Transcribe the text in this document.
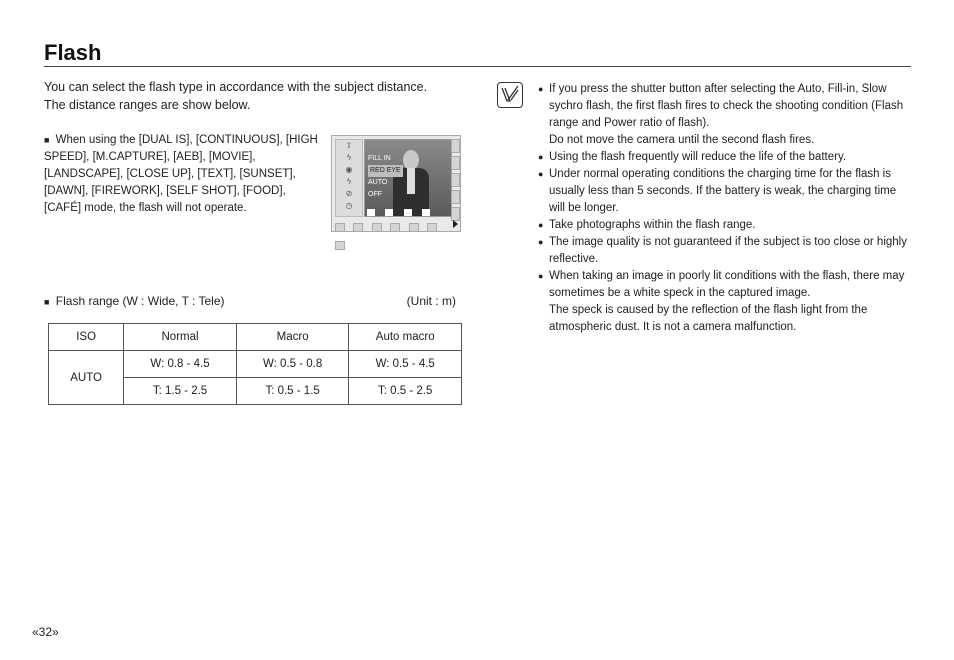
Flash

You can select the flash type in accordance with the subject distance.

The distance ranges are show below.

■ When using the [DUAL IS], [CONTINUOUS], [HIGH SPEED], [M.CAPTURE], [AEB], [MOVIE], [LANDSCAPE], [CLOSE UP], [TEXT], [SUNSET], [DAWN], [FIREWORK], [SELF SHOT], [FOOD], [CAFÉ] mode, the flash will not operate.
⇧
ϟ
◉
ϟ
⊘
◷
FILL IN
RED EYE
AUTO
OFF

■ Flash range (W : Wide, T : Tele)	(Unit : m)
ISO	Normal	Macro	Auto macro
AUTO	W: 0.8 - 4.5	W: 0.5 - 0.8	W: 0.5 - 4.5
	T: 1.5 - 2.5	T: 0.5 - 1.5	T: 0.5 - 2.5
● If you press the shutter button after selecting the Auto, Fill-in, Slow sychro flash, the first flash fires to check the shooting condition (Flash range and Power ratio of flash).

Do not move the camera until the second flash fires.

● Using the flash frequently will reduce the life of the battery.

● Under normal operating conditions the charging time for the flash is usually less than 5 seconds. If the battery is weak, the charging time will be longer.

● Take photographs within the flash range.

● The image quality is not guaranteed if the subject is too close or highly reflective.

● When taking an image in poorly lit conditions with the flash, there may sometimes be a white speck in the captured image.

The speck is caused by the reflection of the flash light from the atmospheric dust. It is not a camera malfunction.

«32»
